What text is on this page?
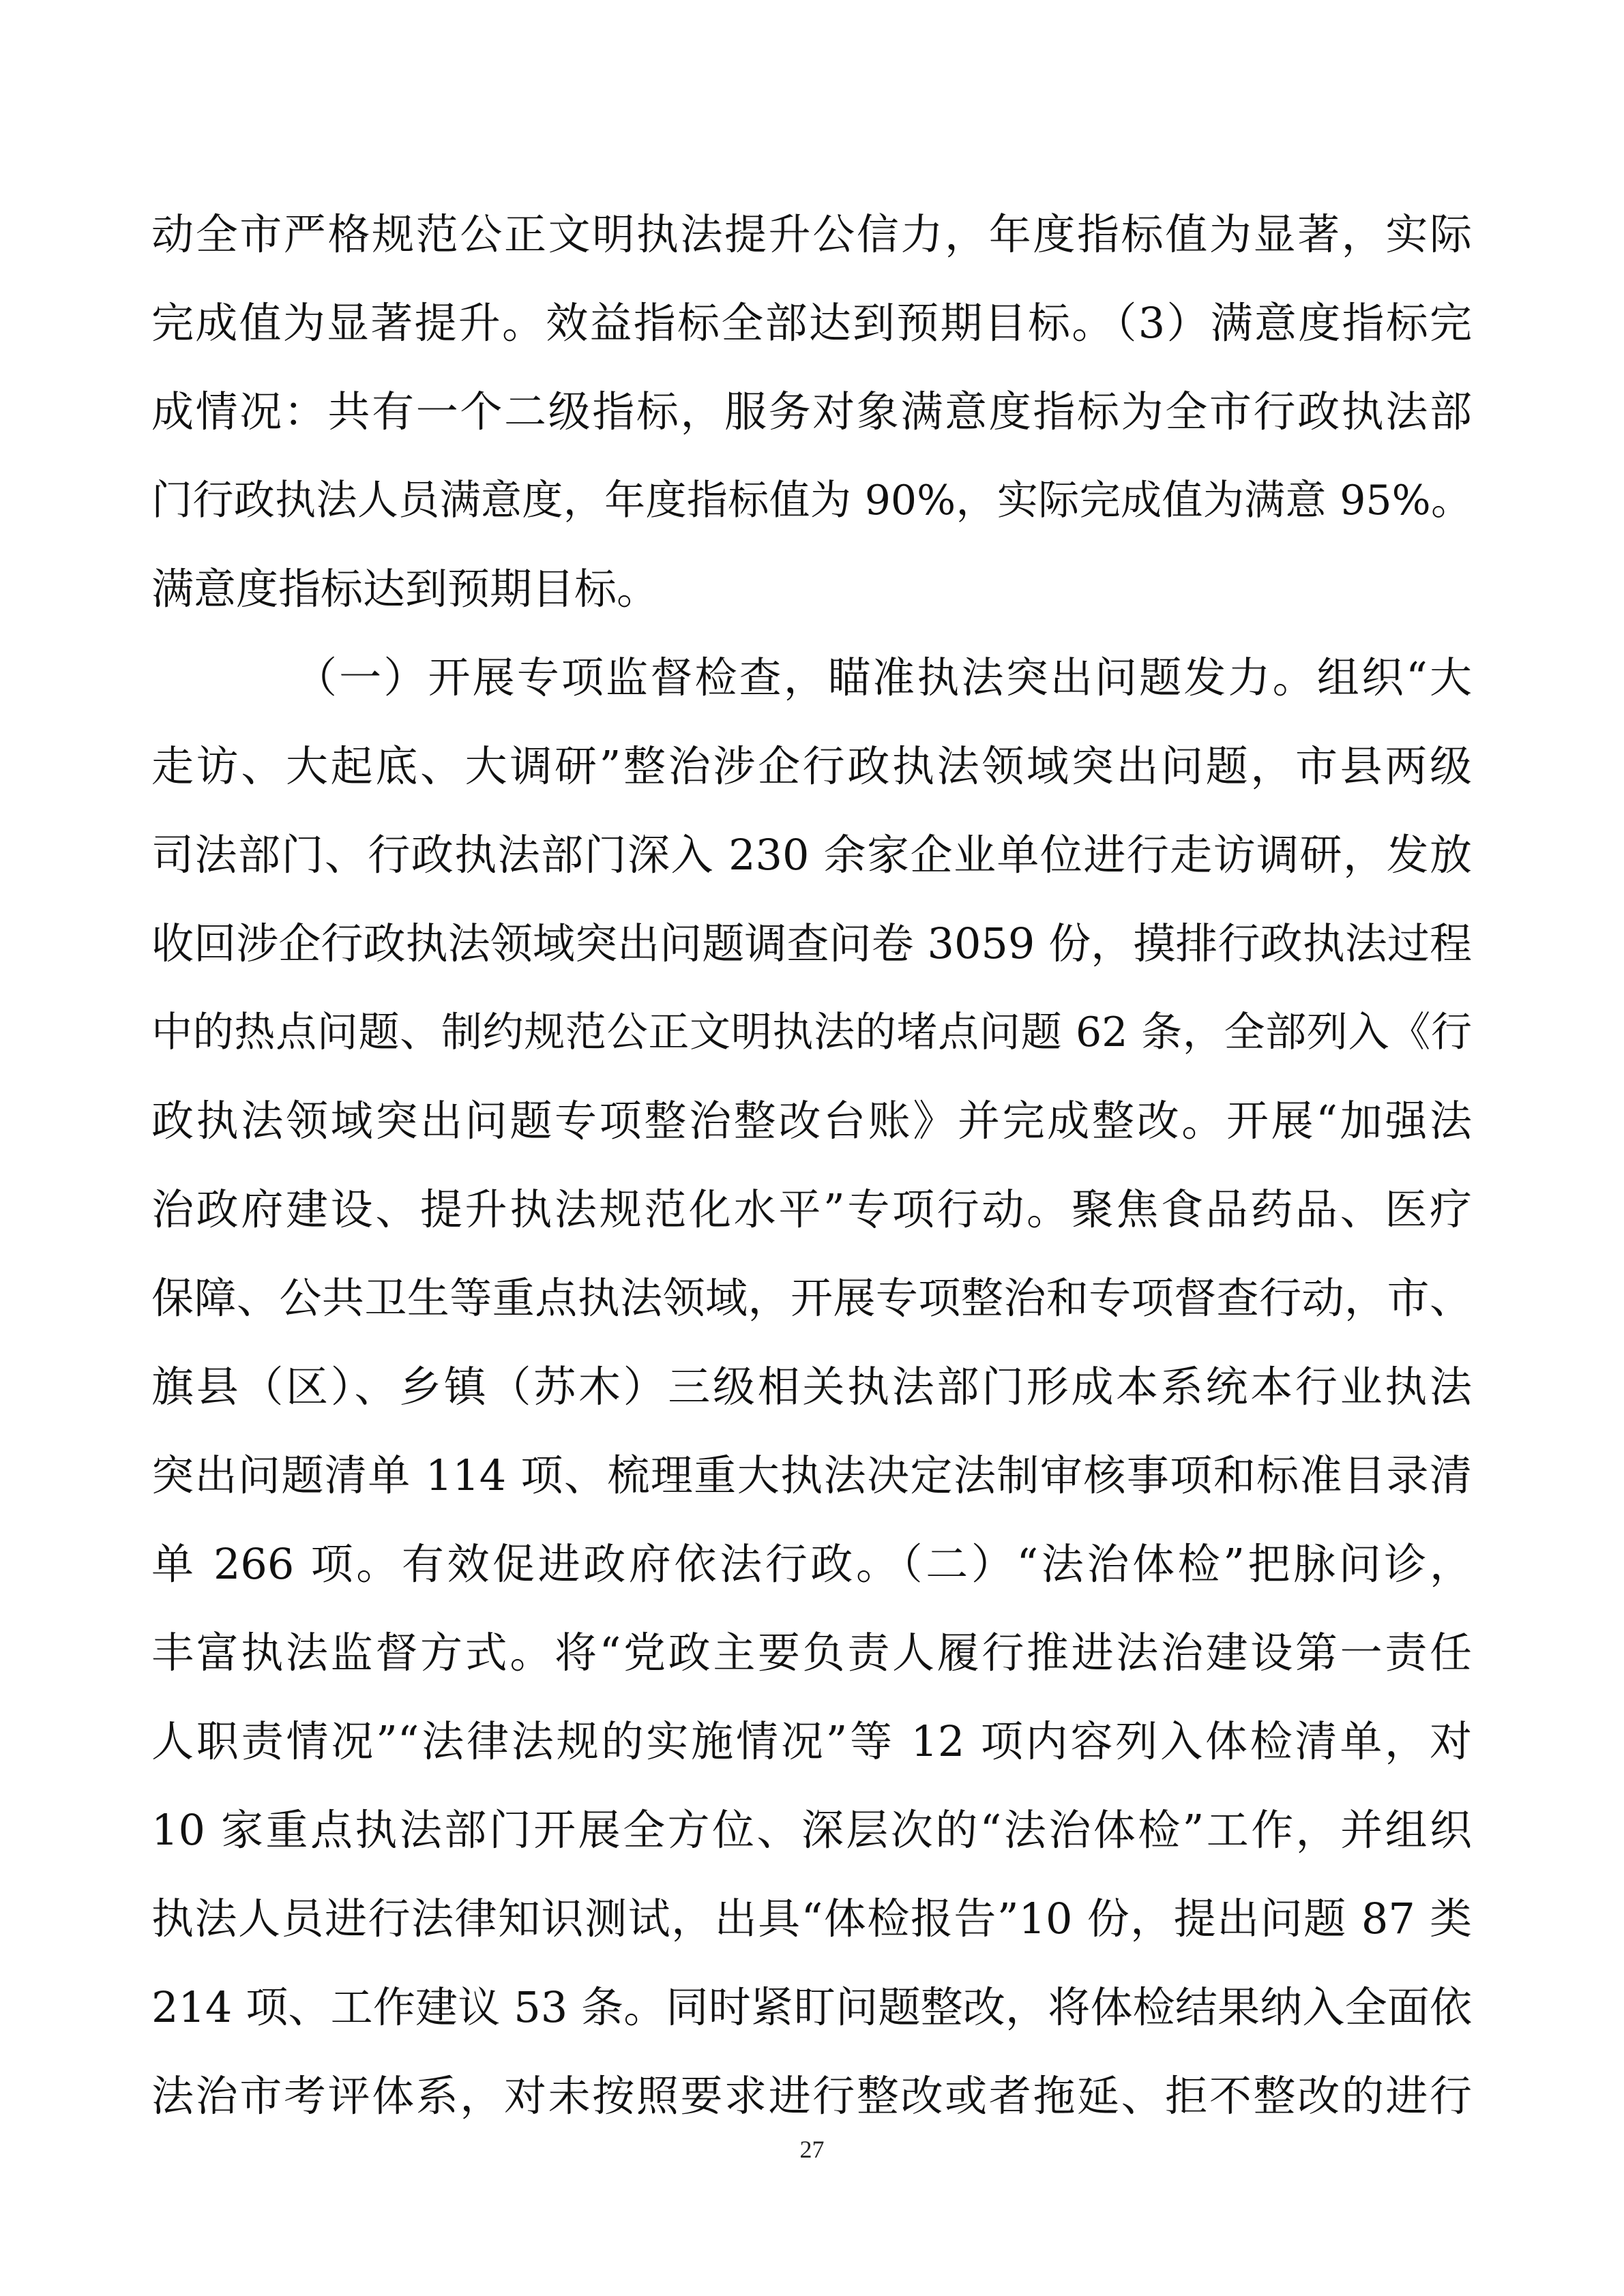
动全市严格规范公正文明执法提升公信力，年度指标值为显著，实际
完成值为显著提升。效益指标全部达到预期目标。（3）满意度指标完
成情况：共有一个二级指标，服务对象满意度指标为全市行政执法部
门行政执法人员满意度，年度指标值为 90%，实际完成值为满意 95%。
满意度指标达到预期目标。
（一）开展专项监督检查，瞄准执法突出问题发力。组织“大
走访、大起底、大调研”整治涉企行政执法领域突出问题，市县两级
司法部门、行政执法部门深入 230 余家企业单位进行走访调研，发放
收回涉企行政执法领域突出问题调查问卷 3059 份，摸排行政执法过程
中的热点问题、制约规范公正文明执法的堵点问题 62 条，全部列入《行
政执法领域突出问题专项整治整改台账》并完成整改。开展“加强法
治政府建设、提升执法规范化水平”专项行动。聚焦食品药品、医疗
保障、公共卫生等重点执法领域，开展专项整治和专项督查行动，市、
旗县（区）、乡镇（苏木）三级相关执法部门形成本系统本行业执法
突出问题清单 114 项、梳理重大执法决定法制审核事项和标准目录清
单 266 项。有效促进政府依法行政。（二）“法治体检”把脉问诊，
丰富执法监督方式。将“党政主要负责人履行推进法治建设第一责任
人职责情况”“法律法规的实施情况”等 12 项内容列入体检清单，对
10 家重点执法部门开展全方位、深层次的“法治体检”工作，并组织
执法人员进行法律知识测试，出具“体检报告”10 份，提出问题 87 类
214 项、工作建议 53 条。同时紧盯问题整改，将体检结果纳入全面依
法治市考评体系，对未按照要求进行整改或者拖延、拒不整改的进行
27
